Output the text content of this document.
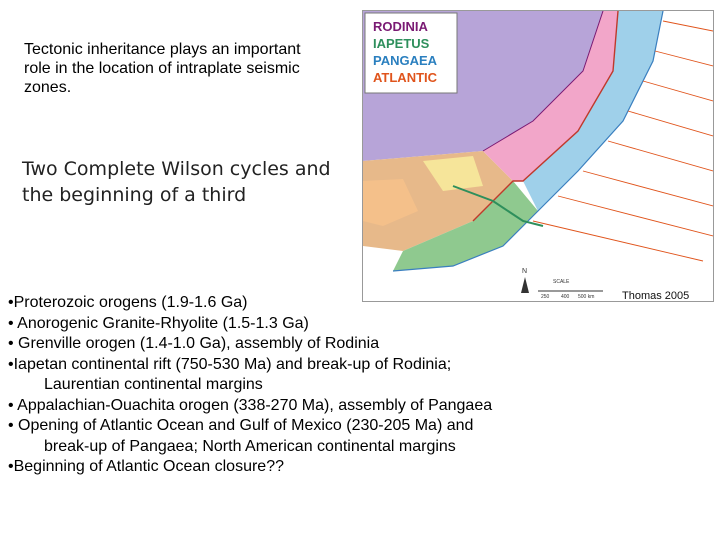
Tectonic inheritance plays an important
role in the location of intraplate seismic
zones.
Two Complete Wilson cycles and
the beginning of a third
RODINIA
IAPETUS
PANGAEA
ATLANTIC
N
SCALE
250 400 500 km	Thomas 2005
•Proterozoic orogens (1.9-1.6 Ga)
• Anorogenic Granite-Rhyolite (1.5-1.3 Ga)
• Grenville orogen (1.4-1.0 Ga), assembly of Rodinia
•Iapetan continental rift (750-530 Ma) and break-up of Rodinia;
Laurentian continental margins
• Appalachian-Ouachita orogen (338-270 Ma), assembly of Pangaea
• Opening of Atlantic Ocean and Gulf of Mexico (230-205 Ma) and
break-up of Pangaea; North American continental margins
•Beginning of Atlantic Ocean closure??
